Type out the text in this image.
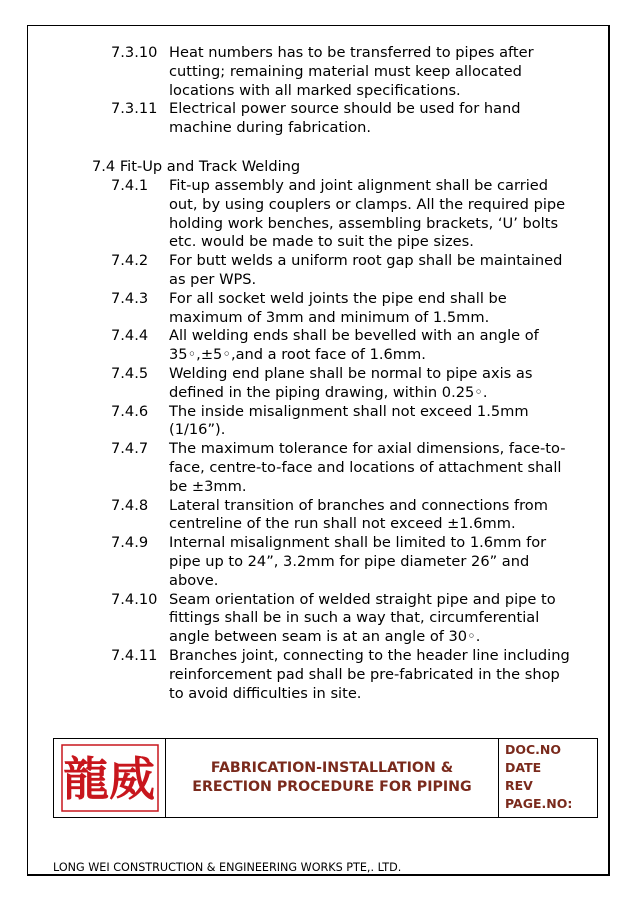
7.3.10 Heat numbers has to be transferred to pipes after
cutting; remaining material must keep allocated
locations with all marked specifications.
7.3.11 Electrical power source should be used for hand
machine during fabrication.
7.4.1 Fit-up assembly and joint alignment shall be carried
out, by using couplers or clamps. All the required pipe
holding work benches, assembling brackets, ‘U’ bolts
etc. would be made to suit the pipe sizes.
7.4.2 For butt welds a uniform root gap shall be maintained
as per WPS.
7.4.3 For all socket weld joints the pipe end shall be
maximum of 3mm and minimum of 1.5mm.
7.4.4 All welding ends shall be bevelled with an angle of
35◦,±5◦,and a root face of 1.6mm.
7.4.5 Welding end plane shall be normal to pipe axis as
defined in the piping drawing, within 0.25◦.
7.4.6 The inside misalignment shall not exceed 1.5mm
(1/16”).
7.4.7 The maximum tolerance for axial dimensions, face-to-
face, centre-to-face and locations of attachment shall
be ±3mm.
7.4.8 Lateral transition of branches and connections from
centreline of the run shall not exceed ±1.6mm.
7.4.9 Internal misalignment shall be limited to 1.6mm for
pipe up to 24”, 3.2mm for pipe diameter 26” and
above.
7.4.10 Seam orientation of welded straight pipe and pipe to
fittings shall be in such a way that, circumferential
angle between seam is at an angle of 30◦.
7.4.11 Branches joint, connecting to the header line including
reinforcement pad shall be pre-fabricated in the shop
to avoid difficulties in site.
7.4 Fit-Up and Track Welding
龍 威	FABRICATION-INSTALLATION & ERECTION PROCEDURE FOR PIPING
DOC.NO
DATE
REV
PAGE.NO:
LONG WEI CONSTRUCTION & ENGINEERING WORKS PTE,. LTD.
